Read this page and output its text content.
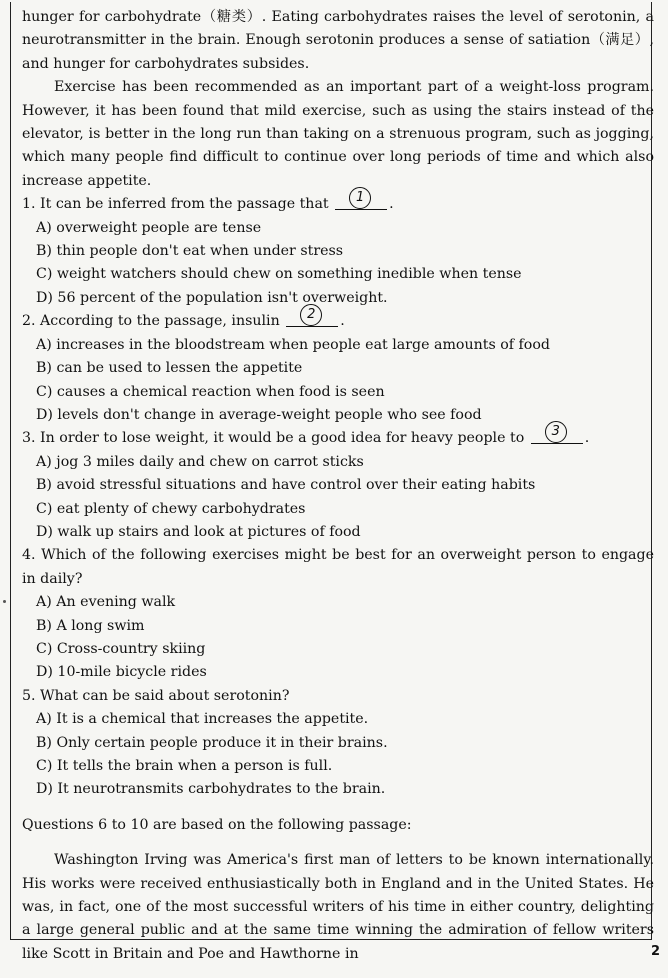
hunger for carbohydrate（糖类）. Eating carbohydrates raises the level of serotonin, a neurotransmitter in the brain. Enough serotonin produces a sense of satiation（满足）, and hunger for carbohydrates subsides.

Exercise has been recommended as an important part of a weight-loss program. However, it has been found that mild exercise, such as using the stairs instead of the elevator, is better in the long run than taking on a strenuous program, such as jogging, which many people find difficult to continue over long periods of time and which also increase appetite.

1. It can be inferred from the passage that	1	.

A) overweight people are tense

B) thin people don't eat when under stress

C) weight watchers should chew on something inedible when tense

D) 56 percent of the population isn't overweight.

2. According to the passage, insulin	2	.

A) increases in the bloodstream when people eat large amounts of food

B) can be used to lessen the appetite

C) causes a chemical reaction when food is seen

D) levels don't change in average-weight people who see food

3. In order to lose weight, it would be a good idea for heavy people to	3	.

A) jog 3 miles daily and chew on carrot sticks

B) avoid stressful situations and have control over their eating habits

C) eat plenty of chewy carbohydrates

D) walk up stairs and look at pictures of food

4. Which of the following exercises might be best for an overweight person to engage in daily?

A) An evening walk

B) A long swim

C) Cross-country skiing

D) 10-mile bicycle rides

5. What can be said about serotonin?

A) It is a chemical that increases the appetite.

B) Only certain people produce it in their brains.

C) It tells the brain when a person is full.

D) It neurotransmits carbohydrates to the brain.

Questions 6 to 10 are based on the following passage:

Washington Irving was America's first man of letters to be known internationally. His works were received enthusiastically both in England and in the United States. He was, in fact, one of the most successful writers of his time in either country, delighting a large general public and at the same time winning the admiration of fellow writers like Scott in Britain and Poe and Hawthorne in	2
